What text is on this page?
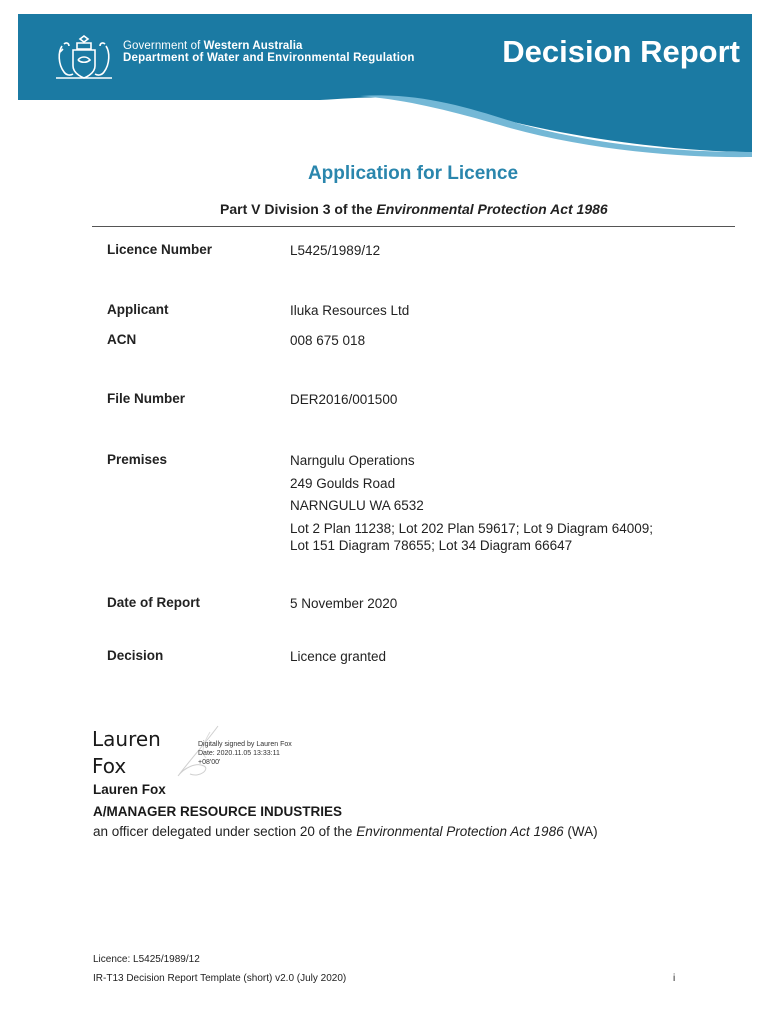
Government of Western Australia
Department of Water and Environmental Regulation	Decision Report
Application for Licence
Part V Division 3 of the Environmental Protection Act 1986
Licence Number	L5425/1989/12
Applicant	Iluka Resources Ltd
ACN	008 675 018
File Number	DER2016/001500
Premises	Narngulu Operations
249 Goulds Road
NARNGULU WA 6532
Lot 2 Plan 11238; Lot 202 Plan 59617; Lot 9 Diagram 64009;
Lot 151 Diagram 78655; Lot 34 Diagram 66647
Date of Report	5 November 2020
Decision	Licence granted
Lauren
Fox
Digitally signed by Lauren Fox
Date: 2020.11.05 13:33:11
+08'00'
Lauren Fox
A/MANAGER RESOURCE INDUSTRIES
an officer delegated under section 20 of the Environmental Protection Act 1986 (WA)
Licence: L5425/1989/12
IR-T13 Decision Report Template (short) v2.0 (July 2020)	i
